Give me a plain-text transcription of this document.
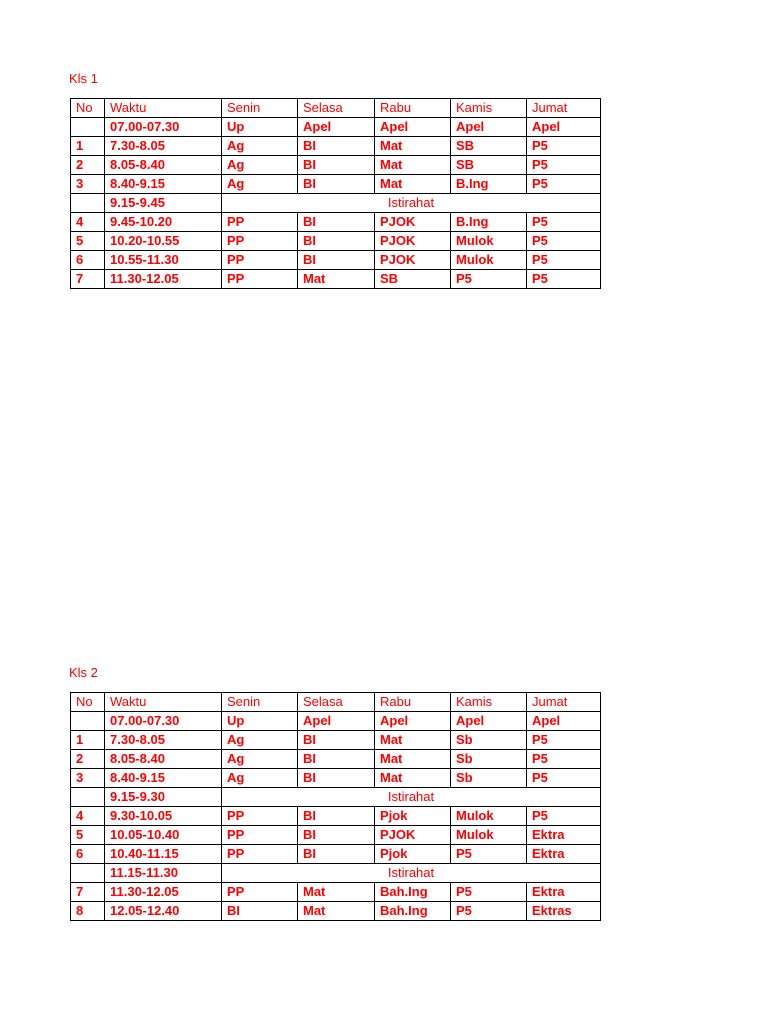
Kls 1
No	Waktu	Senin	Selasa	Rabu	Kamis	Jumat
	07.00-07.30	Up	Apel	Apel	Apel	Apel
1	7.30-8.05	Ag	BI	Mat	SB	P5
2	8.05-8.40	Ag	BI	Mat	SB	P5
3	8.40-9.15	Ag	BI	Mat	B.Ing	P5
	9.15-9.45	Istirahat				
4	9.45-10.20	PP	BI	PJOK	B.Ing	P5
5	10.20-10.55	PP	BI	PJOK	Mulok	P5
6	10.55-11.30	PP	BI	PJOK	Mulok	P5
7	11.30-12.05	PP	Mat	SB	P5	P5
Kls 2
No	Waktu	Senin	Selasa	Rabu	Kamis	Jumat
	07.00-07.30	Up	Apel	Apel	Apel	Apel
1	7.30-8.05	Ag	BI	Mat	Sb	P5
2	8.05-8.40	Ag	BI	Mat	Sb	P5
3	8.40-9.15	Ag	BI	Mat	Sb	P5
	9.15-9.30	Istirahat				
4	9.30-10.05	PP	BI	Pjok	Mulok	P5
5	10.05-10.40	PP	BI	PJOK	Mulok	Ektra
6	10.40-11.15	PP	BI	Pjok	P5	Ektra
	11.15-11.30	Istirahat				
7	11.30-12.05	PP	Mat	Bah.Ing	P5	Ektra
8	12.05-12.40	BI	Mat	Bah.Ing	P5	Ektras
